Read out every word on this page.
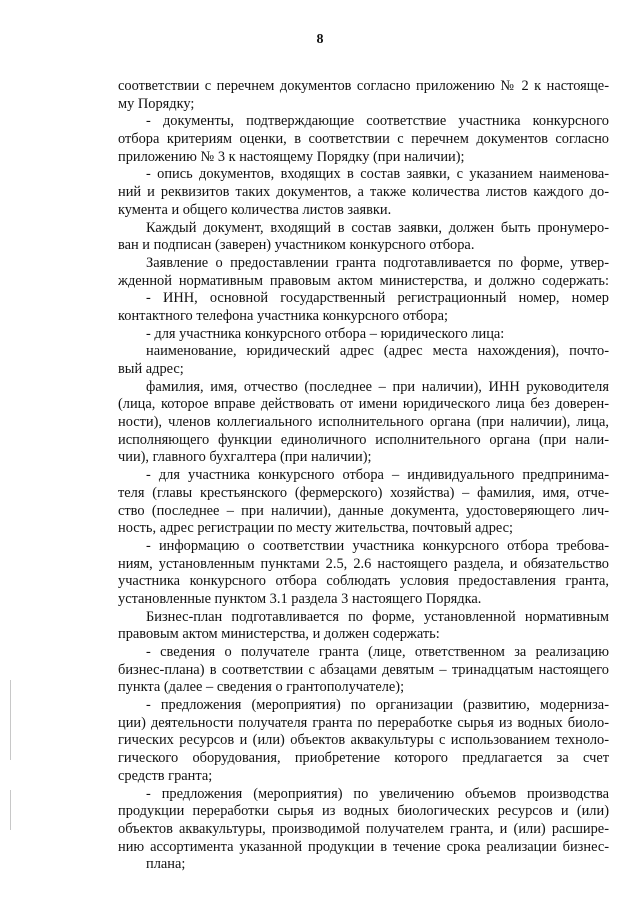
8
соответствии с перечнем документов согласно приложению № 2 к настояще-
му Порядку;
- документы, подтверждающие соответствие участника конкурсного
отбора критериям оценки, в соответствии с перечнем документов согласно
приложению № 3 к настоящему Порядку (при наличии);
- опись документов, входящих в состав заявки, с указанием наименова-
ний и реквизитов таких документов, а также количества листов каждого до-
кумента и общего количества листов заявки.
Каждый документ, входящий в состав заявки, должен быть пронумеро-
ван и подписан (заверен) участником конкурсного отбора.
Заявление о предоставлении гранта подготавливается по форме, утвер-
жденной нормативным правовым актом министерства, и должно содержать:
- ИНН, основной государственный регистрационный номер, номер
контактного телефона участника конкурсного отбора;
- для участника конкурсного отбора – юридического лица:
наименование, юридический адрес (адрес места нахождения), почто-
вый адрес;
фамилия, имя, отчество (последнее – при наличии), ИНН руководителя
(лица, которое вправе действовать от имени юридического лица без доверен-
ности), членов коллегиального исполнительного органа (при наличии), лица,
исполняющего функции единоличного исполнительного органа (при нали-
чии), главного бухгалтера (при наличии);
- для участника конкурсного отбора – индивидуального предпринима-
теля (главы крестьянского (фермерского) хозяйства) – фамилия, имя, отче-
ство (последнее – при наличии), данные документа, удостоверяющего лич-
ность, адрес регистрации по месту жительства, почтовый адрес;
- информацию о соответствии участника конкурсного отбора требова-
ниям, установленным пунктами 2.5, 2.6 настоящего раздела, и обязательство
участника конкурсного отбора соблюдать условия предоставления гранта,
установленные пунктом 3.1 раздела 3 настоящего Порядка.
Бизнес-план подготавливается по форме, установленной нормативным
правовым актом министерства, и должен содержать:
- сведения о получателе гранта (лице, ответственном за реализацию
бизнес-плана) в соответствии с абзацами девятым – тринадцатым настоящего
пункта (далее – сведения о грантополучателе);
- предложения (мероприятия) по организации (развитию, модерниза-
ции) деятельности получателя гранта по переработке сырья из водных биоло-
гических ресурсов и (или) объектов аквакультуры с использованием техноло-
гического оборудования, приобретение которого предлагается за счет
средств гранта;
- предложения (мероприятия) по увеличению объемов производства
продукции переработки сырья из водных биологических ресурсов и (или)
объектов аквакультуры, производимой получателем гранта, и (или) расшире-
нию ассортимента указанной продукции в течение срока реализации бизнес-
плана;
